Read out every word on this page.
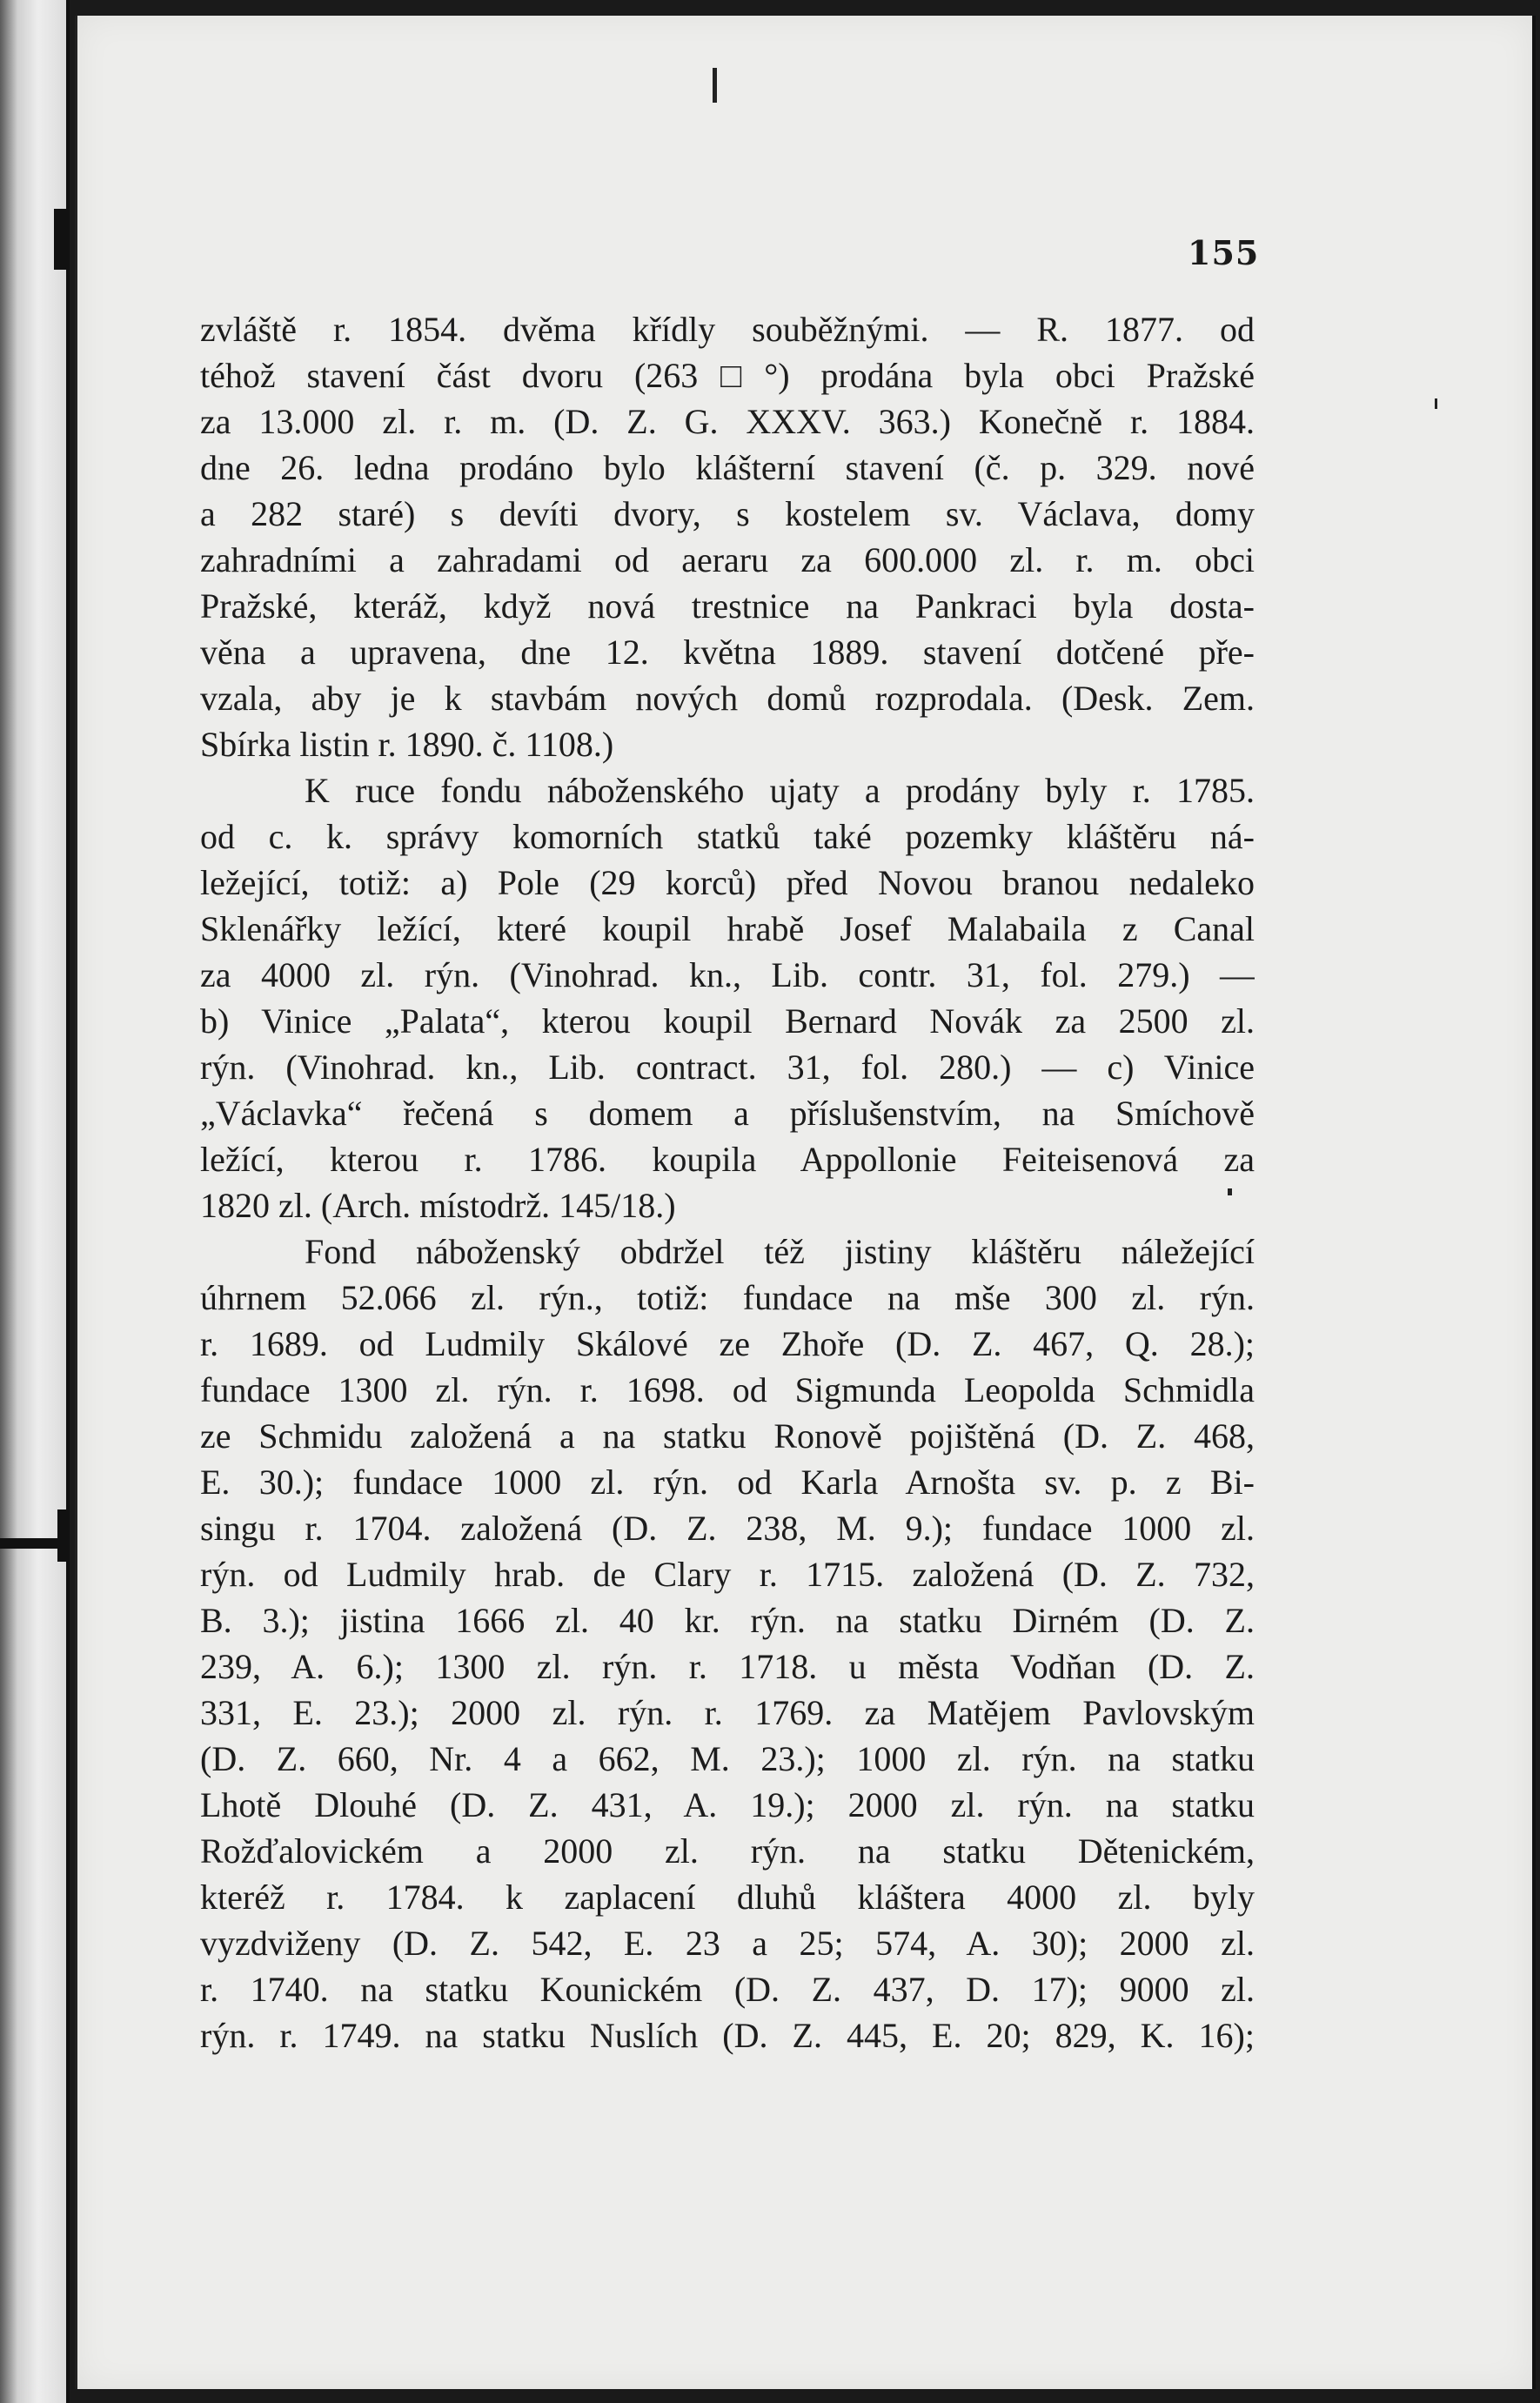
155
zvláště r. 1854. dvěma křídly souběžnými. — R. 1877. od
téhož stavení část dvoru (263□°) prodána byla obci Pražské
za 13.000 zl. r. m. (D. Z. G. XXXV. 363.) Konečně r. 1884.
dne 26. ledna prodáno bylo klášterní stavení (č. p. 329. nové
a 282 staré) s devíti dvory, s kostelem sv. Václava, domy
zahradními a zahradami od aeraru za 600.000 zl. r. m. obci
Pražské, kteráž, když nová trestnice na Pankraci byla dosta-
věna a upravena, dne 12. května 1889. stavení dotčené pře-
vzala, aby je k stavbám nových domů rozprodala. (Desk. Zem.
Sbírka listin r. 1890. č. 1108.)
K ruce fondu náboženského ujaty a prodány byly r. 1785.
od c. k. správy komorních statků také pozemky kláštěru ná-
ležející, totiž: a) Pole (29 korců) před Novou branou nedaleko
Sklenářky ležící, které koupil hrabě Josef Malabaila z Canal
za 4000 zl. rýn. (Vinohrad. kn., Lib. contr. 31, fol. 279.) —
b) Vinice „Palata“, kterou koupil Bernard Novák za 2500 zl.
rýn. (Vinohrad. kn., Lib. contract. 31, fol. 280.) — c) Vinice
„Václavka“ řečená s domem a příslušenstvím, na Smíchově
ležící, kterou r. 1786. koupila Appollonie Feiteisenová za
1820 zl. (Arch. místodrž. 145/18.)
Fond náboženský obdržel též jistiny kláštěru náležející
úhrnem 52.066 zl. rýn., totiž: fundace na mše 300 zl. rýn.
r. 1689. od Ludmily Skálové ze Zhoře (D. Z. 467, Q. 28.);
fundace 1300 zl. rýn. r. 1698. od Sigmunda Leopolda Schmidla
ze Schmidu založená a na statku Ronově pojištěná (D. Z. 468,
E. 30.); fundace 1000 zl. rýn. od Karla Arnošta sv. p. z Bi-
singu r. 1704. založená (D. Z. 238, M. 9.); fundace 1000 zl.
rýn. od Ludmily hrab. de Clary r. 1715. založená (D. Z. 732,
B. 3.); jistina 1666 zl. 40 kr. rýn. na statku Dirném (D. Z.
239, A. 6.); 1300 zl. rýn. r. 1718. u města Vodňan (D. Z.
331, E. 23.); 2000 zl. rýn. r. 1769. za Matějem Pavlovským
(D. Z. 660, Nr. 4 a 662, M. 23.); 1000 zl. rýn. na statku
Lhotě Dlouhé (D. Z. 431, A. 19.); 2000 zl. rýn. na statku
Rožďalovickém a 2000 zl. rýn. na statku Dětenickém,
kteréž r. 1784. k zaplacení dluhů kláštera 4000 zl. byly
vyzdviženy (D. Z. 542, E. 23 a 25; 574, A. 30); 2000 zl.
r. 1740. na statku Kounickém (D. Z. 437, D. 17); 9000 zl.
rýn. r. 1749. na statku Nuslích (D. Z. 445, E. 20; 829, K. 16);
